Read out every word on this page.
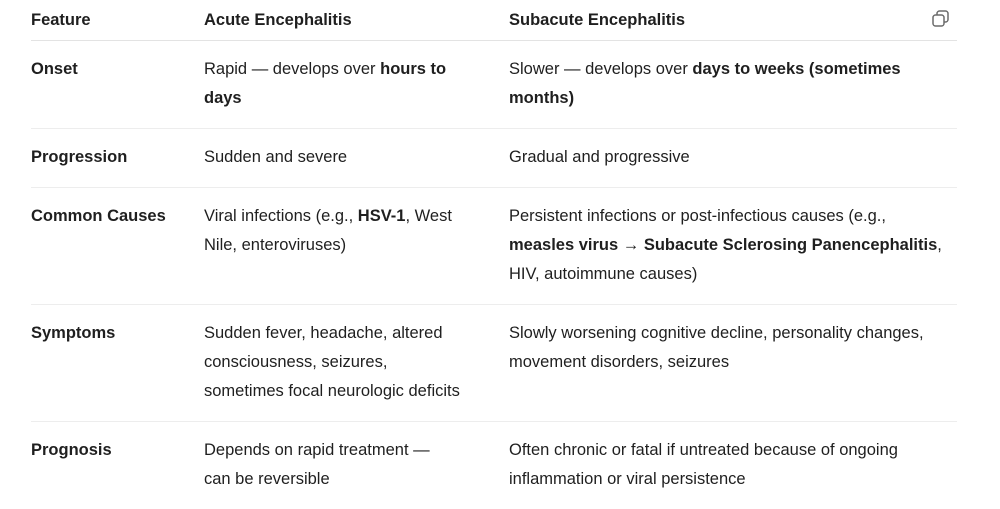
Feature	Acute Encephalitis	Subacute Encephalitis
Onset	Rapid — develops over hours to days	Slower — develops over days to weeks (sometimes months)

Progression	Sudden and severe	Gradual and progressive

Common Causes	Viral infections (e.g., HSV-1, West Nile, enteroviruses)	Persistent infections or post-infectious causes (e.g., measles virus → Subacute Sclerosing Panencephalitis, HIV, autoimmune causes)

Symptoms	Sudden fever, headache, altered consciousness, seizures, sometimes focal neurologic deficits	Slowly worsening cognitive decline, personality changes, movement disorders, seizures

Prognosis	Depends on rapid treatment — can be reversible	Often chronic or fatal if untreated because of ongoing inflammation or viral persistence
